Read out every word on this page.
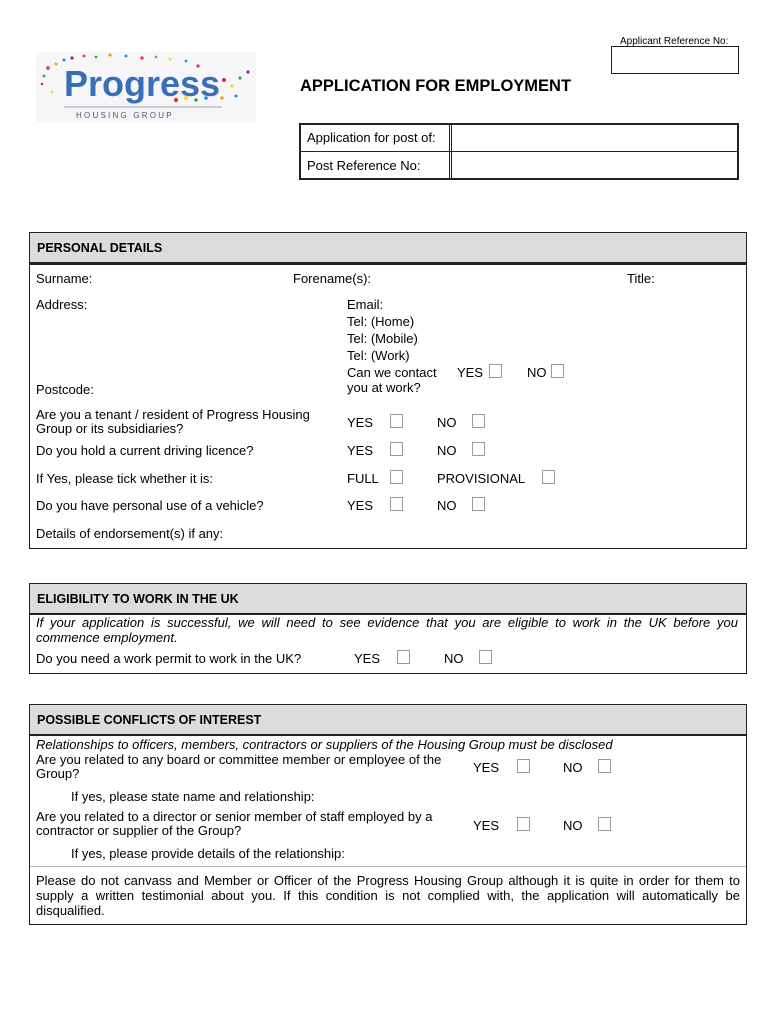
Applicant Reference No:
Progress
H O U S I N G   G R O U P
APPLICATION FOR EMPLOYMENT
Application for post of:
Post Reference No:
PERSONAL DETAILS
Surname:	Forename(s):	Title:
Address:	Email:
Tel: (Home)
Tel: (Mobile)
Tel: (Work)
Can we contact
you at work?
YES	NO
Postcode:
Are you a tenant / resident of Progress Housing
Group or its subsidiaries?	YES	NO
Do you hold a current driving licence?	YES	NO
If Yes, please tick whether it is:	FULL	PROVISIONAL
Do you have personal use of a vehicle?	YES	NO
Details of endorsement(s) if any:
ELIGIBILITY TO WORK IN THE UK
If your application is successful, we will need to see evidence that you are eligible to work in the UK before you commence employment.
Do you need a work permit to work in the UK?	YES	NO
POSSIBLE CONFLICTS OF INTEREST
Relationships to officers, members, contractors or suppliers of the Housing Group must be disclosed
Are you related to any board or committee member or employee of the Group?	YES	NO
If yes, please state name and relationship:
Are you related to a director or senior member of staff employed by a contractor or supplier of the Group?	YES	NO
If yes, please provide details of the relationship:
Please do not canvass and Member or Officer of the Progress Housing Group although it is quite in order for them to supply a written testimonial about you. If this condition is not complied with, the application will automatically be disqualified.
